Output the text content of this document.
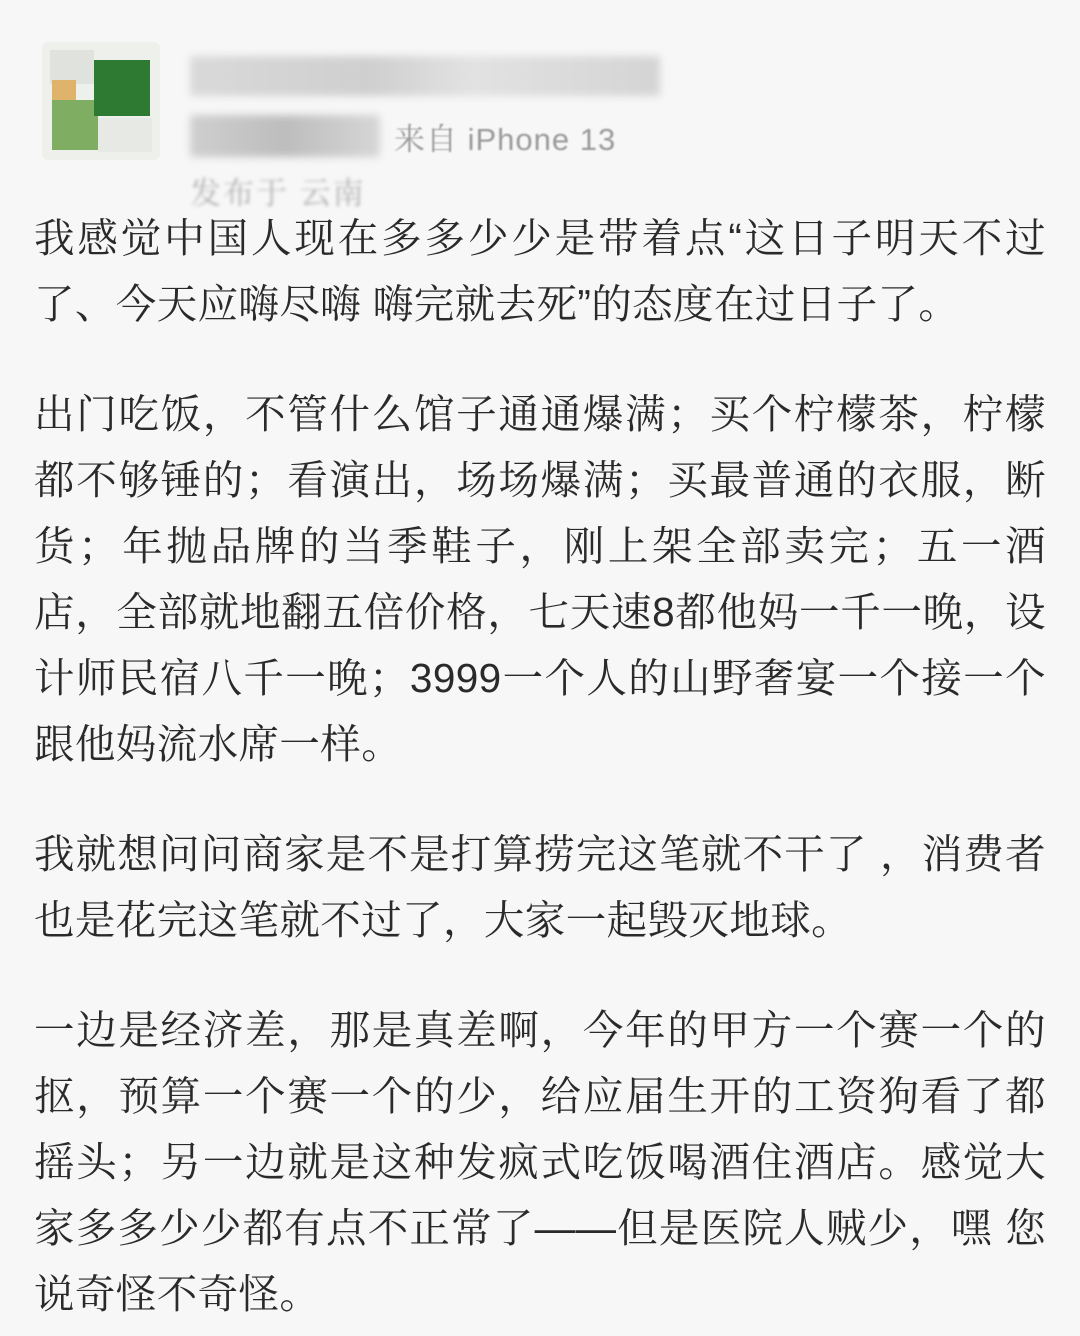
来自 iPhone 13
发布于 云南

我感觉中国人现在多多少少是带着点“这日子明天不过了、今天应嗨尽嗨 嗨完就去死”的态度在过日子了。

出门吃饭，不管什么馆子通通爆满；买个柠檬茶，柠檬都不够锤的；看演出，场场爆满；买最普通的衣服，断货；年抛品牌的当季鞋子，刚上架全部卖完；五一酒店，全部就地翻五倍价格，七天速8都他妈一千一晚，设计师民宿八千一晚；3999一个人的山野奢宴一个接一个跟他妈流水席一样。

我就想问问商家是不是打算捞完这笔就不干了 ，消费者也是花完这笔就不过了，大家一起毁灭地球。

一边是经济差，那是真差啊，今年的甲方一个赛一个的抠，预算一个赛一个的少，给应届生开的工资狗看了都摇头；另一边就是这种发疯式吃饭喝酒住酒店。感觉大家多多少少都有点不正常了——但是医院人贼少，嘿 您说奇怪不奇怪。
